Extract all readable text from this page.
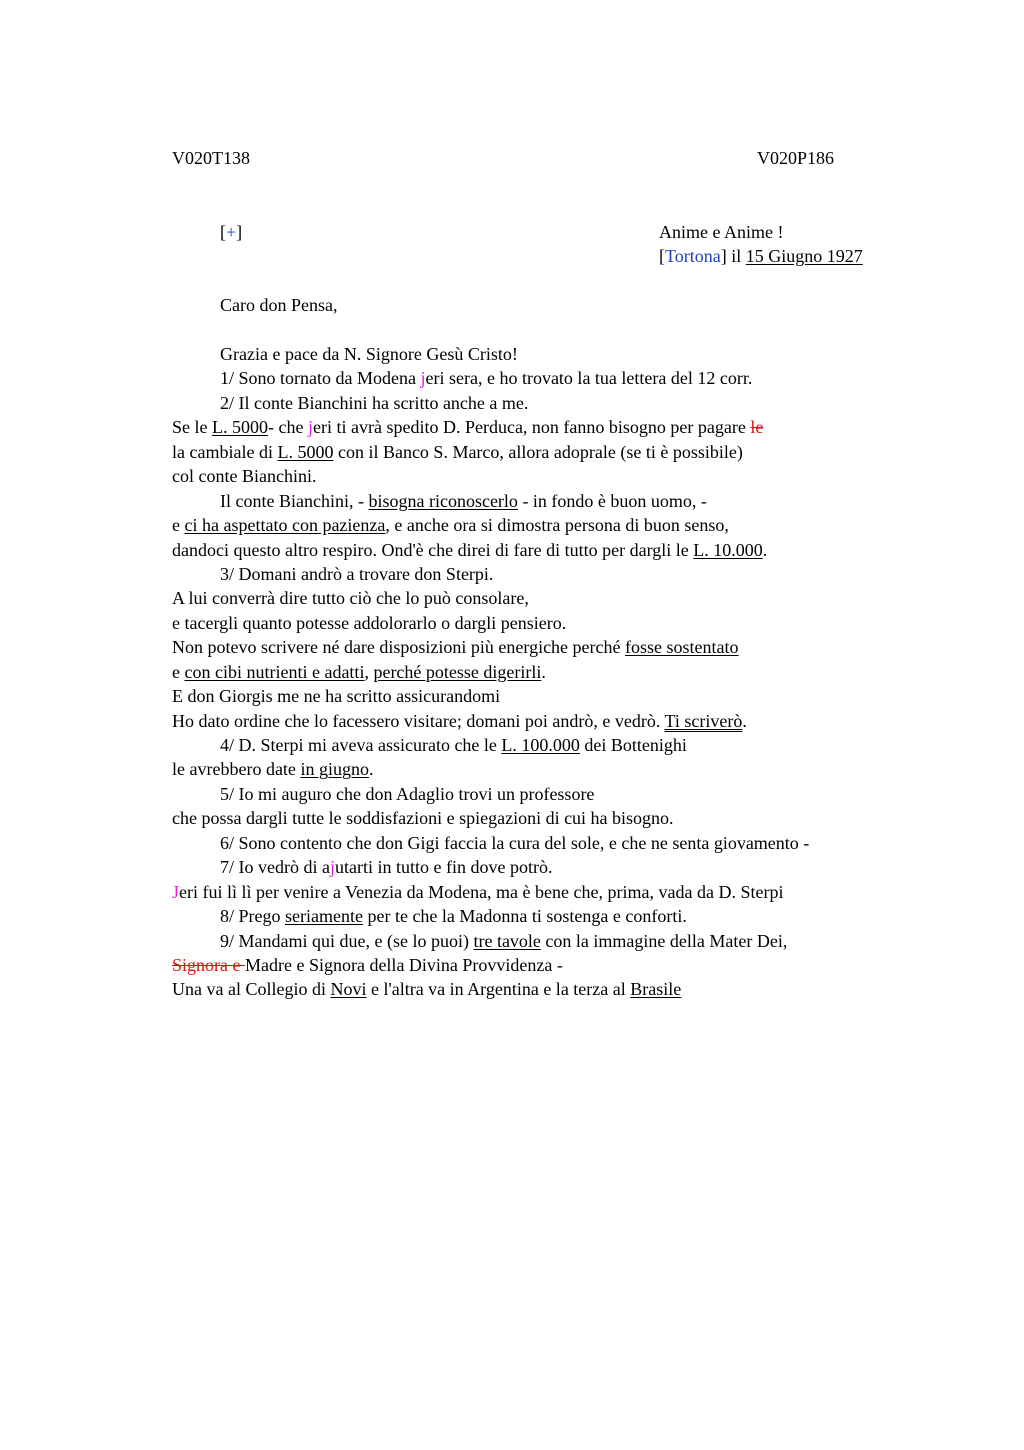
V020T138	V020P186
[+]	Anime e Anime !
[Tortona] il 15 Giugno 1927
Caro don Pensa,
Grazia e pace da N. Signore Gesù Cristo!
1/ Sono tornato da Modena jeri sera, e ho trovato la tua lettera del 12 corr.
2/ Il conte Bianchini ha scritto anche a me.
Se le L. 5000- che jeri ti avrà spedito D. Perduca, non fanno bisogno per pagare le
la cambiale di L. 5000 con il Banco S. Marco, allora adoprale (se ti è possibile)
col conte Bianchini.
Il conte Bianchini, - bisogna riconoscerlo - in fondo è buon uomo, -
e ci ha aspettato con pazienza, e anche ora si dimostra persona di buon senso,
dandoci questo altro respiro. Ond'è che direi di fare di tutto per dargli le L. 10.000.
3/ Domani andrò a trovare don Sterpi.
A lui converrà dire tutto ciò che lo può consolare,
e tacergli quanto potesse addolorarlo o dargli pensiero.
Non potevo scrivere né dare disposizioni più energiche perché fosse sostentato
e con cibi nutrienti e adatti, perché potesse digerirli.
E don Giorgis me ne ha scritto assicurandomi
Ho dato ordine che lo facessero visitare; domani poi andrò, e vedrò. Ti scriverò.
4/ D. Sterpi mi aveva assicurato che le L. 100.000 dei Bottenighi
le avrebbero date in giugno.
5/ Io mi auguro che don Adaglio trovi un professore
che possa dargli tutte le soddisfazioni e spiegazioni di cui ha bisogno.
6/ Sono contento che don Gigi faccia la cura del sole, e che ne senta giovamento -
7/ Io vedrò di ajutarti in tutto e fin dove potrò.
Jeri fui lì lì per venire a Venezia da Modena, ma è bene che, prima, vada da D. Sterpi
8/ Prego seriamente per te che la Madonna ti sostenga e conforti.
9/ Mandami qui due, e (se lo puoi) tre tavole con la immagine della Mater Dei,
Signora e Madre e Signora della Divina Provvidenza -
Una va al Collegio di Novi e l'altra va in Argentina e la terza al Brasile
